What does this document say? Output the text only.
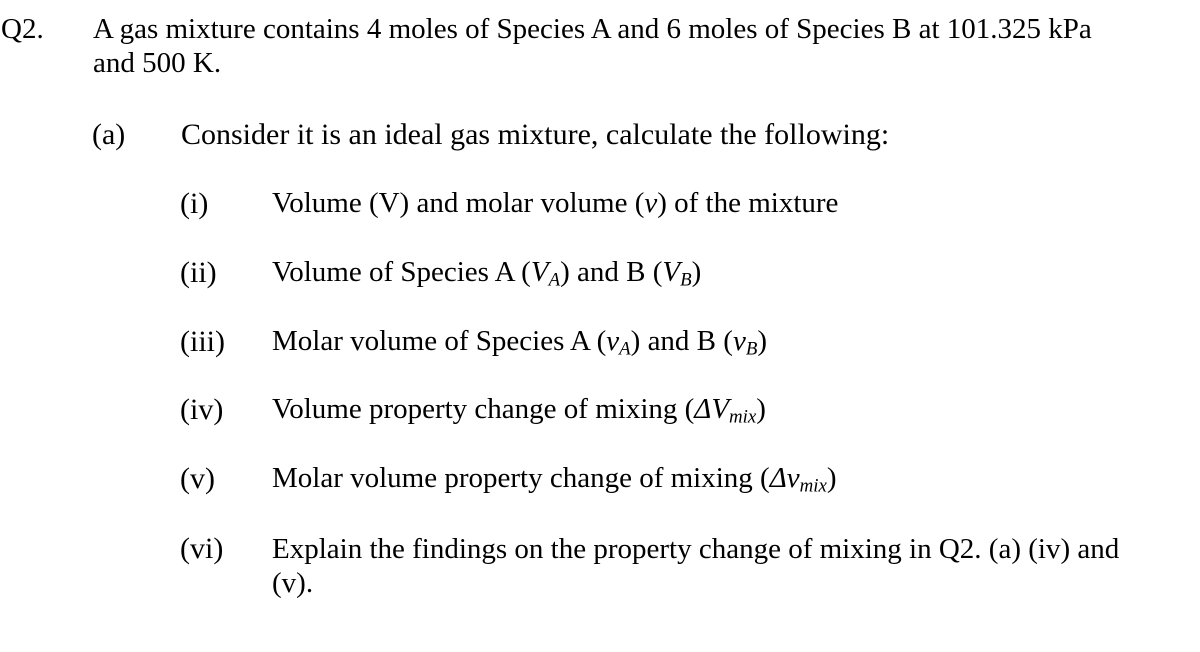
Q2. A gas mixture contains 4 moles of Species A and 6 moles of Species B at 101.325 kPa
and 500 K.
(a) Consider it is an ideal gas mixture, calculate the following:
(i) Volume (V) and molar volume (v) of the mixture
(ii) Volume of Species A $(V_A)$ and B $(V_B)$
(iii) Molar volume of Species A $(v_A)$ and B $(v_B)$
(iv) Volume property change of mixing $(\Delta V_{mix})$
(v) Molar volume property change of mixing $(\Delta v_{mix})$
(vi) Explain the findings on the property change of mixing in Q2. (a) (iv) and
(v).
